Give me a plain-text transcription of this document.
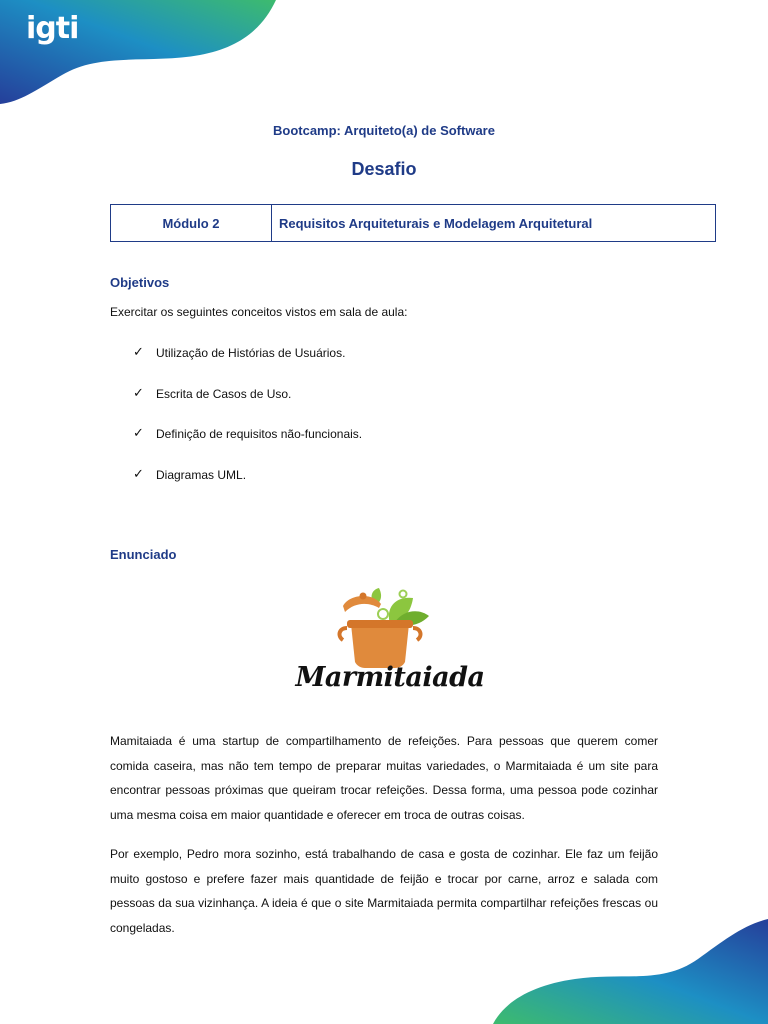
igti
Bootcamp: Arquiteto(a) de Software
Desafio
Módulo 2	Requisitos Arquiteturais e Modelagem Arquitetural
Objetivos
Exercitar os seguintes conceitos vistos em sala de aula:
✓	Utilização de Histórias de Usuários.
✓	Escrita de Casos de Uso.
✓	Definição de requisitos não-funcionais.
✓	Diagramas UML.
Enunciado
Marmitaiada

Mamitaiada é uma startup de compartilhamento de refeições. Para pessoas que querem comer comida caseira, mas não tem tempo de preparar muitas variedades, o Marmitaiada é um site para encontrar pessoas próximas que queiram trocar refeições. Dessa forma, uma pessoa pode cozinhar uma mesma coisa em maior quantidade e oferecer em troca de outras coisas.

Por exemplo, Pedro mora sozinho, está trabalhando de casa e gosta de cozinhar. Ele faz um feijão muito gostoso e prefere fazer mais quantidade de feijão e trocar por carne, arroz e salada com pessoas da sua vizinhança. A ideia é que o site Marmitaiada permita compartilhar refeições frescas ou congeladas.
